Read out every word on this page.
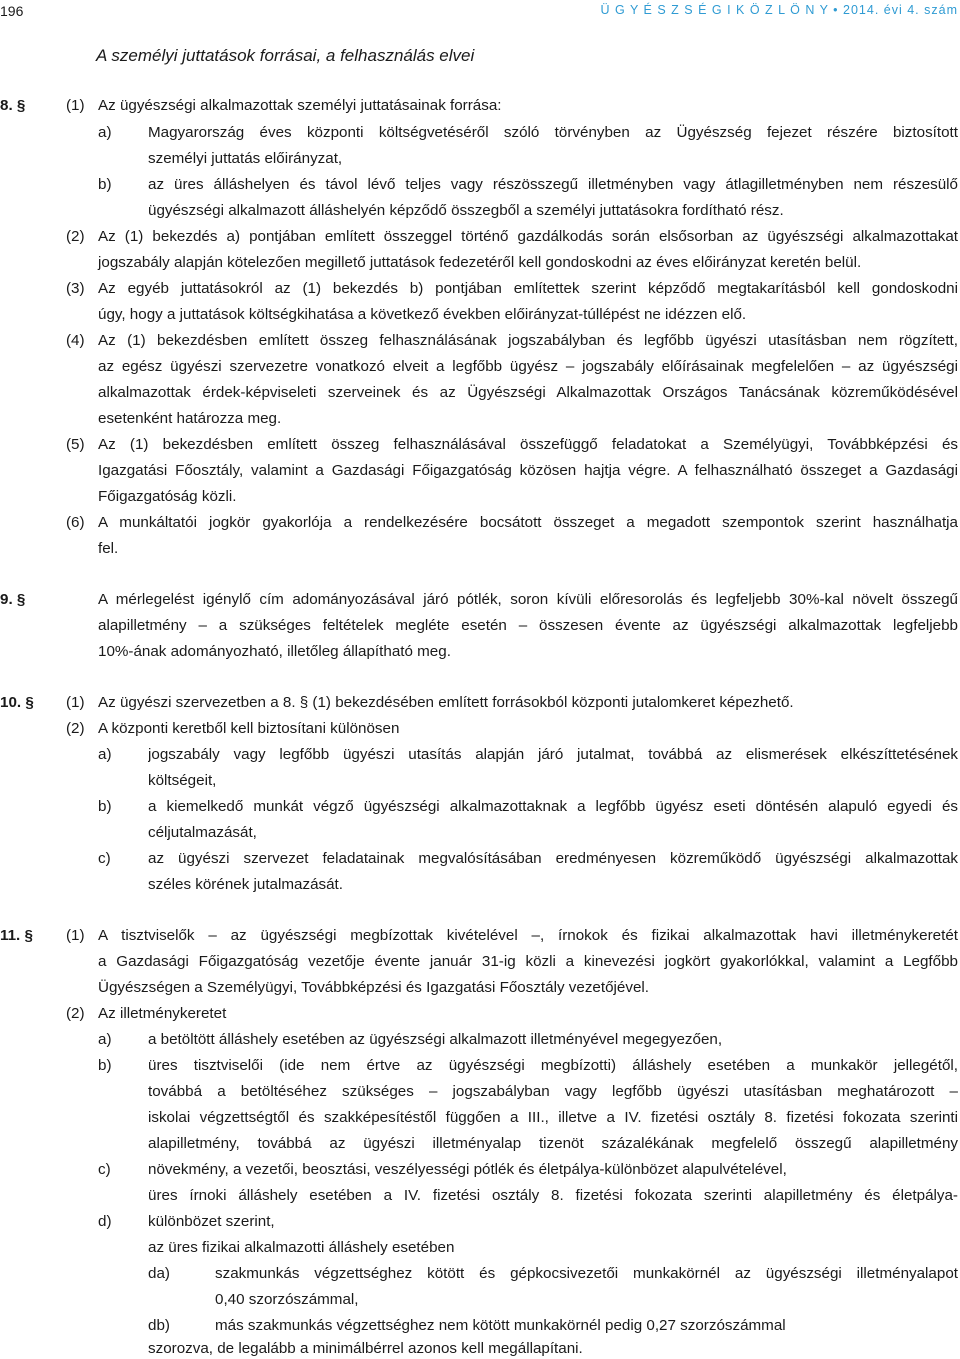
196	Ü G Y É S Z S É G I K Ö Z L Ö N Y • 2014. évi 4. szám
A személyi juttatások forrásai, a felhasználás elvei
8. §	(1)
a)
b)
(2)
(3)
(4)
(5)
(6)
9. §
10. § (1)
(2)
a)
b)
c)
11. § (1)
(2)
a)
b)
c)
d)
da)
db)
Az ügyészségi alkalmazottak személyi juttatásainak forrása:
Magyarország éves központi költségvetéséről szóló törvényben az Ügyészség fejezet részére biztosított
személyi juttatás előirányzat,
az üres álláshelyen és távol lévő teljes vagy részösszegű illetményben vagy átlagilletményben nem részesülő
ügyészségi alkalmazott álláshelyén képződő összegből a személyi juttatásokra fordítható rész.
Az (1) bekezdés a) pontjában említett összeggel történő gazdálkodás során elsősorban az ügyészségi alkalmazottakat
jogszabály alapján kötelezően megillető juttatások fedezetéről kell gondoskodni az éves előirányzat keretén belül.
Az egyéb juttatásokról az (1) bekezdés b) pontjában említettek szerint képződő megtakarításból kell gondoskodni
úgy, hogy a juttatások költségkihatása a következő években előirányzat-túllépést ne idézzen elő.
Az (1) bekezdésben említett összeg felhasználásának jogszabályban és legfőbb ügyészi utasításban nem rögzített,
az egész ügyészi szervezetre vonatkozó elveit a legfőbb ügyész – jogszabály előírásainak megfelelően – az ügyészségi
alkalmazottak érdek-képviseleti szerveinek és az Ügyészségi Alkalmazottak Országos Tanácsának közreműködésével
esetenként határozza meg.
Az (1) bekezdésben említett összeg felhasználásával összefüggő feladatokat a Személyügyi, Továbbképzési és
Igazgatási Főosztály, valamint a Gazdasági Főigazgatóság közösen hajtja végre. A felhasználható összeget a Gazdasági
Főigazgatóság közli.
A munkáltatói jogkör gyakorlója a rendelkezésére bocsátott összeget a megadott szempontok szerint használhatja
fel.
A mérlegelést igénylő cím adományozásával járó pótlék, soron kívüli előresorolás és legfeljebb 30%-kal növelt összegű
alapilletmény – a szükséges feltételek megléte esetén – összesen évente az ügyészségi alkalmazottak legfeljebb
10%-ának adományozható, illetőleg állapítható meg.
Az ügyészi szervezetben a 8. § (1) bekezdésében említett forrásokból központi jutalomkeret képezhető.
A központi keretből kell biztosítani különösen
jogszabály vagy legfőbb ügyészi utasítás alapján járó jutalmat, továbbá az elismerések elkészíttetésének
költségeit,
a kiemelkedő munkát végző ügyészségi alkalmazottaknak a legfőbb ügyész eseti döntésén alapuló egyedi és
céljutalmazását,
az ügyészi szervezet feladatainak megvalósításában eredményesen közreműködő ügyészségi alkalmazottak
széles körének jutalmazását.
A tisztviselők – az ügyészségi megbízottak kivételével –, írnokok és fizikai alkalmazottak havi illetménykeretét
a Gazdasági Főigazgatóság vezetője évente január 31-ig közli a kinevezési jogkört gyakorlókkal, valamint a Legfőbb
Ügyészségen a Személyügyi, Továbbképzési és Igazgatási Főosztály vezetőjével.
Az illetménykeretet
a betöltött álláshely esetében az ügyészségi alkalmazott illetményével megegyezően,
üres tisztviselői (ide nem értve az ügyészségi megbízotti) álláshely esetében a munkakör jellegétől,
továbbá a betöltéséhez szükséges – jogszabályban vagy legfőbb ügyészi utasításban meghatározott –
iskolai végzettségtől és szakképesítéstől függően a III., illetve a IV. fizetési osztály 8. fizetési fokozata szerinti
alapilletmény, továbbá az ügyészi illetményalap tizenöt százalékának megfelelő összegű alapilletmény
növekmény, a vezetői, beosztási, veszélyességi pótlék és életpálya-különbözet alapulvételével,
üres írnoki álláshely esetében a IV. fizetési osztály 8. fizetési fokozata szerinti alapilletmény és életpálya-
különbözet szerint,
az üres fizikai alkalmazotti álláshely esetében
szakmunkás végzettséghez kötött és gépkocsivezetői munkakörnél az ügyészségi illetményalapot
0,40 szorzószámmal,
más szakmunkás végzettséghez nem kötött munkakörnél pedig 0,27 szorzószámmal
szorozva, de legalább a minimálbérrel azonos kell megállapítani.
